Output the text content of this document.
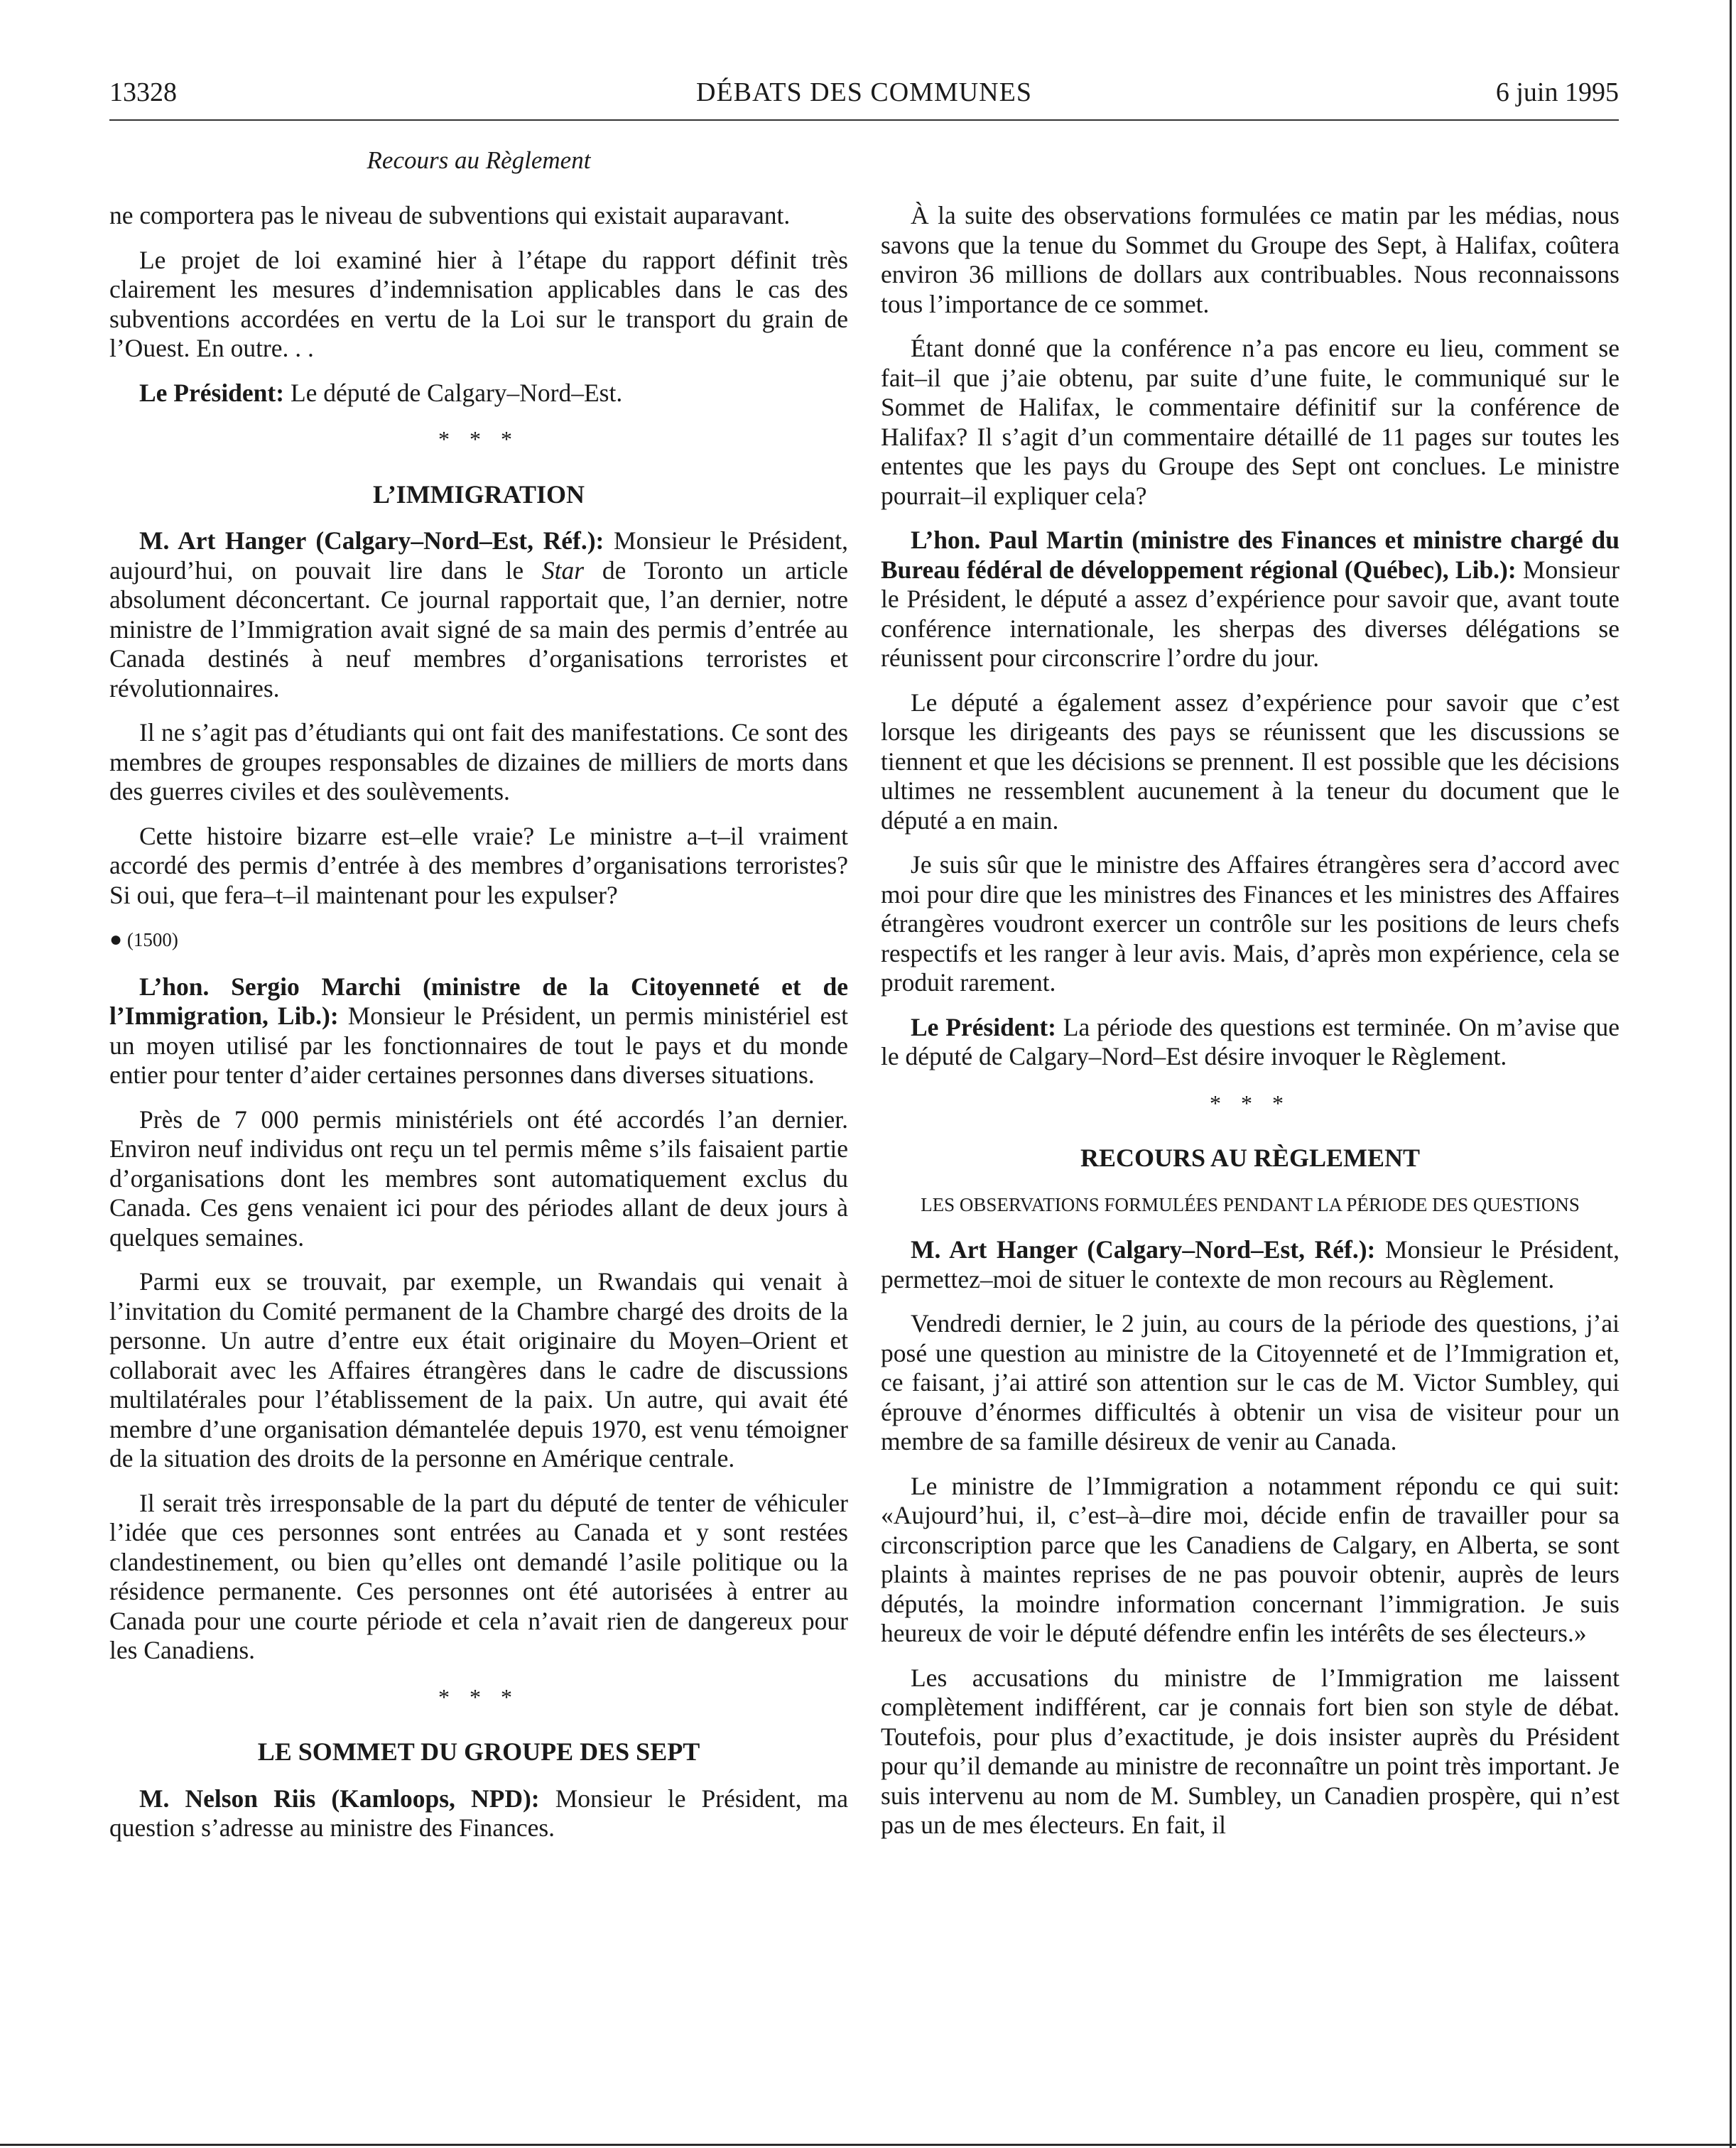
13328	DÉBATS DES COMMUNES	6 juin 1995
Recours au Règlement

ne comportera pas le niveau de subventions qui existait auparavant.

Le projet de loi examiné hier à l’étape du rapport définit très clairement les mesures d’indemnisation applicables dans le cas des subventions accordées en vertu de la Loi sur le transport du grain de l’Ouest. En outre. . .

Le Président: Le député de Calgary–Nord–Est.

* * *
L’IMMIGRATION

M. Art Hanger (Calgary–Nord–Est, Réf.): Monsieur le Président, aujourd’hui, on pouvait lire dans le Star de Toronto un article absolument déconcertant. Ce journal rapportait que, l’an dernier, notre ministre de l’Immigration avait signé de sa main des permis d’entrée au Canada destinés à neuf membres d’organisations terroristes et révolutionnaires.

Il ne s’agit pas d’étudiants qui ont fait des manifestations. Ce sont des membres de groupes responsables de dizaines de milliers de morts dans des guerres civiles et des soulèvements.

Cette histoire bizarre est–elle vraie? Le ministre a–t–il vraiment accordé des permis d’entrée à des membres d’organisations terroristes? Si oui, que fera–t–il maintenant pour les expulser?

● (1500)

L’hon. Sergio Marchi (ministre de la Citoyenneté et de l’Immigration, Lib.): Monsieur le Président, un permis ministériel est un moyen utilisé par les fonctionnaires de tout le pays et du monde entier pour tenter d’aider certaines personnes dans diverses situations.

Près de 7 000 permis ministériels ont été accordés l’an dernier. Environ neuf individus ont reçu un tel permis même s’ils faisaient partie d’organisations dont les membres sont automatiquement exclus du Canada. Ces gens venaient ici pour des périodes allant de deux jours à quelques semaines.

Parmi eux se trouvait, par exemple, un Rwandais qui venait à l’invitation du Comité permanent de la Chambre chargé des droits de la personne. Un autre d’entre eux était originaire du Moyen–Orient et collaborait avec les Affaires étrangères dans le cadre de discussions multilatérales pour l’établissement de la paix. Un autre, qui avait été membre d’une organisation démantelée depuis 1970, est venu témoigner de la situation des droits de la personne en Amérique centrale.

Il serait très irresponsable de la part du député de tenter de véhiculer l’idée que ces personnes sont entrées au Canada et y sont restées clandestinement, ou bien qu’elles ont demandé l’asile politique ou la résidence permanente. Ces personnes ont été autorisées à entrer au Canada pour une courte période et cela n’avait rien de dangereux pour les Canadiens.

* * *
LE SOMMET DU GROUPE DES SEPT

M. Nelson Riis (Kamloops, NPD): Monsieur le Président, ma question s’adresse au ministre des Finances.

À la suite des observations formulées ce matin par les médias, nous savons que la tenue du Sommet du Groupe des Sept, à Halifax, coûtera environ 36 millions de dollars aux contribuables. Nous reconnaissons tous l’importance de ce sommet.

Étant donné que la conférence n’a pas encore eu lieu, comment se fait–il que j’aie obtenu, par suite d’une fuite, le communiqué sur le Sommet de Halifax, le commentaire définitif sur la conférence de Halifax? Il s’agit d’un commentaire détaillé de 11 pages sur toutes les ententes que les pays du Groupe des Sept ont conclues. Le ministre pourrait–il expliquer cela?

L’hon. Paul Martin (ministre des Finances et ministre chargé du Bureau fédéral de développement régional (Québec), Lib.): Monsieur le Président, le député a assez d’expérience pour savoir que, avant toute conférence internationale, les sherpas des diverses délégations se réunissent pour circonscrire l’ordre du jour.

Le député a également assez d’expérience pour savoir que c’est lorsque les dirigeants des pays se réunissent que les discussions se tiennent et que les décisions se prennent. Il est possible que les décisions ultimes ne ressemblent aucunement à la teneur du document que le député a en main.

Je suis sûr que le ministre des Affaires étrangères sera d’accord avec moi pour dire que les ministres des Finances et les ministres des Affaires étrangères voudront exercer un contrôle sur les positions de leurs chefs respectifs et les ranger à leur avis. Mais, d’après mon expérience, cela se produit rarement.

Le Président: La période des questions est terminée. On m’avise que le député de Calgary–Nord–Est désire invoquer le Règlement.

* * *
RECOURS AU RÈGLEMENT
LES OBSERVATIONS FORMULÉES PENDANT LA PÉRIODE DES QUESTIONS

M. Art Hanger (Calgary–Nord–Est, Réf.): Monsieur le Président, permettez–moi de situer le contexte de mon recours au Règlement.

Vendredi dernier, le 2 juin, au cours de la période des questions, j’ai posé une question au ministre de la Citoyenneté et de l’Immigration et, ce faisant, j’ai attiré son attention sur le cas de M. Victor Sumbley, qui éprouve d’énormes difficultés à obtenir un visa de visiteur pour un membre de sa famille désireux de venir au Canada.

Le ministre de l’Immigration a notamment répondu ce qui suit: «Aujourd’hui, il, c’est–à–dire moi, décide enfin de travailler pour sa circonscription parce que les Canadiens de Calgary, en Alberta, se sont plaints à maintes reprises de ne pas pouvoir obtenir, auprès de leurs députés, la moindre information concernant l’immigration. Je suis heureux de voir le député défendre enfin les intérêts de ses électeurs.»

Les accusations du ministre de l’Immigration me laissent complètement indifférent, car je connais fort bien son style de débat. Toutefois, pour plus d’exactitude, je dois insister auprès du Président pour qu’il demande au ministre de reconnaître un point très important. Je suis intervenu au nom de M. Sumbley, un Canadien prospère, qui n’est pas un de mes électeurs. En fait, il
